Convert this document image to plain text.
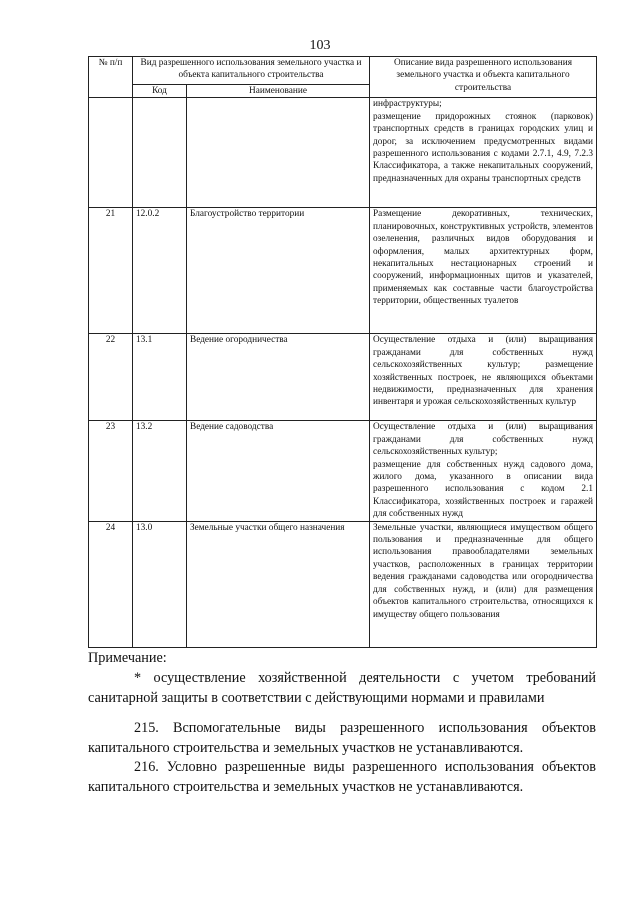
103
№ п/п	Вид разрешенного использования земельного участка и объекта капитального строительства		Описание вида разрешенного использования земельного участка и объекта капитального строительства
	Код	Наименование	

			инфраструктуры;
размещение придорожных стоянок (парковок) транспортных средств в границах городских улиц и дорог, за исключением предусмотренных видами разрешенного использования с кодами 2.7.1, 4.9, 7.2.3 Классификатора, а также некапитальных сооружений, предназначенных для охраны транспортных средств

21	12.0.2	Благоустройство территории	Размещение декоративных, технических, планировочных, конструктивных устройств, элементов озеленения, различных видов оборудования и оформления, малых архитектурных форм, некапитальных нестационарных строений и сооружений, информационных щитов и указателей, применяемых как составные части благоустройства территории, общественных туалетов

22	13.1	Ведение огородничества	Осуществление отдыха и (или) выращивания гражданами для собственных нужд сельскохозяйственных культур; размещение хозяйственных построек, не являющихся объектами недвижимости, предназначенных для хранения инвентаря и урожая сельскохозяйственных культур

23	13.2	Ведение садоводства	Осуществление отдыха и (или) выращивания гражданами для собственных нужд сельскохозяйственных культур;
размещение для собственных нужд садового дома, жилого дома, указанного в описании вида разрешенного использования с кодом 2.1 Классификатора, хозяйственных построек и гаражей для собственных нужд

24	13.0	Земельные участки общего назначения	Земельные участки, являющиеся имуществом общего пользования и предназначенные для общего использования правообладателями земельных участков, расположенных в границах территории ведения гражданами садоводства или огородничества для собственных нужд, и (или) для размещения объектов капитального строительства, относящихся к имуществу общего пользования
Примечание:
* осуществление хозяйственной деятельности с учетом требований санитарной защиты в соответствии с действующими нормами и правилами
215. Вспомогательные виды разрешенного использования объектов капитального строительства и земельных участков не устанавливаются.
216. Условно разрешенные виды разрешенного использования объектов капитального строительства и земельных участков не устанавливаются.
